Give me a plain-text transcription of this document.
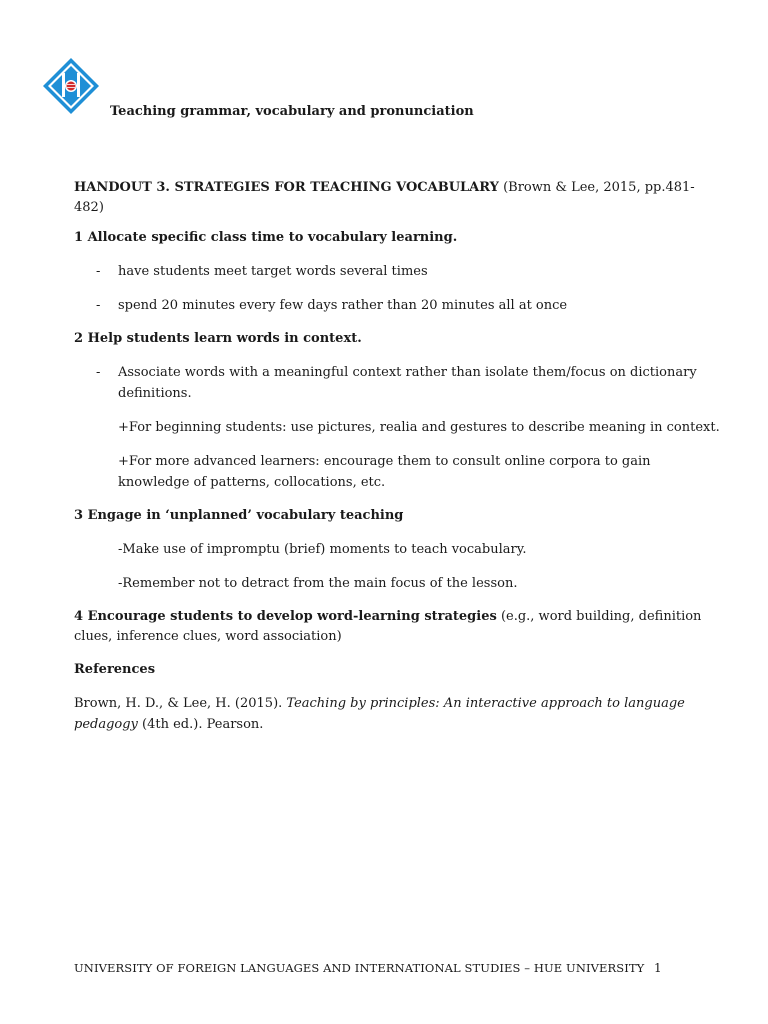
Teaching grammar, vocabulary and pronunciation

HANDOUT 3. STRATEGIES FOR TEACHING VOCABULARY (Brown & Lee, 2015, pp.481-482)

1 Allocate specific class time to vocabulary learning.

- have students meet target words several times
- spend 20 minutes every few days rather than 20 minutes all at once

2 Help students learn words in context.

- Associate words with a meaningful context rather than isolate them/focus on dictionary definitions.
+For beginning students: use pictures, realia and gestures to describe meaning in context.
+For more advanced learners: encourage them to consult online corpora to gain knowledge of patterns, collocations, etc.

3 Engage in ‘unplanned’ vocabulary teaching

-Make use of impromptu (brief) moments to teach vocabulary.
-Remember not to detract from the main focus of the lesson.

4 Encourage students to develop word-learning strategies (e.g., word building, definition clues, inference clues, word association)

References

Brown, H. D., & Lee, H. (2015). Teaching by principles: An interactive approach to language pedagogy (4th ed.). Pearson.

UNIVERSITY OF FOREIGN LANGUAGES AND INTERNATIONAL STUDIES – HUE UNIVERSITY 1
